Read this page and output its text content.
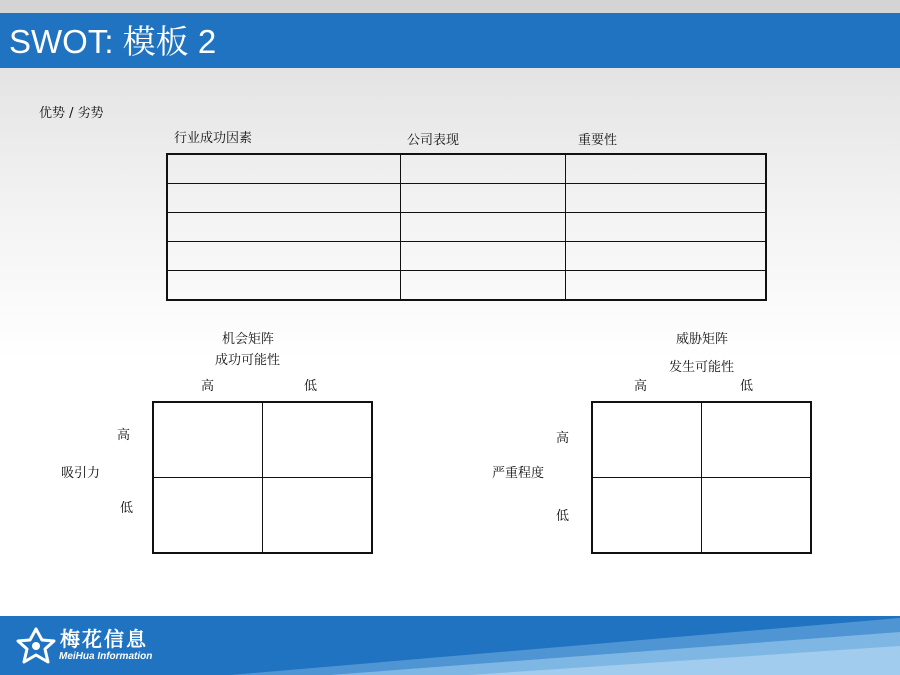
SWOT: 模板 2
优势 / 劣势
行业成功因素	公司表现	重要性

机会矩阵
成功可能性
高	低
高
吸引力
低
威胁矩阵
发生可能性
高	低
高
严重程度
低
梅花信息
MeiHua Information
